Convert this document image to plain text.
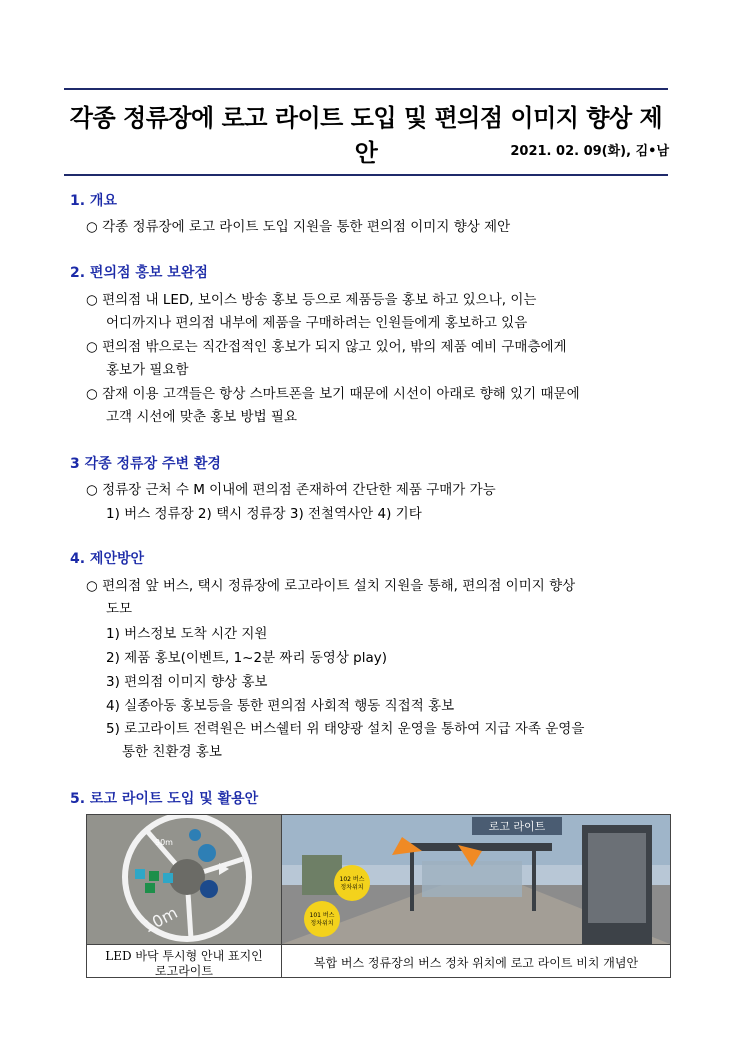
각종 정류장에 로고 라이트 도입 및 편의점 이미지 향상 제안	2021. 02. 09(화), 김•남
1. 개요
○ 각종 정류장에 로고 라이트 도입 지원을 통한 편의점 이미지 향상 제안
2. 편의점 홍보 보완점
○ 편의점 내 LED, 보이스 방송 홍보 등으로 제품등을 홍보 하고 있으나, 이는
어디까지나 편의점 내부에 제품을 구매하려는 인원들에게 홍보하고 있음
○ 편의점 밖으로는 직간접적인 홍보가 되지 않고 있어, 밖의 제품 예비 구매층에게
홍보가 필요함
○ 잠재 이용 고객들은 항상 스마트폰을 보기 때문에 시선이 아래로 향해 있기 때문에
고객 시선에 맞춘 홍보 방법 필요
3 각종 정류장 주변 환경
○ 정류장 근처 수 M 이내에 편의점 존재하여 간단한 제품 구매가 가능
1) 버스 정류장 2) 택시 정류장 3) 전철역사안 4) 기타
4. 제안방안
○ 편의점 앞 버스, 택시 정류장에 로고라이트 설치 지원을 통해, 편의점 이미지 향상
도모
1) 버스정보 도착 시간 지원
2) 제품 홍보(이벤트, 1~2분 짜리 동영상 play)
3) 편의점 이미지 향상 홍보
4) 실종아동 홍보등을 통한 편의점 사회적 행동 직접적 홍보
5) 로고라이트 전력원은 버스쉘터 위 태양광 설치 운영을 통하여 지급 자족 운영을
통한 친환경 홍보
5. 로고 라이트 도입 및 활용안
10m
90m
로고 라이트
102 버스
정차위치
101 버스
정차위치
LED 바닥 투시형 안내 표지인
로고라이트
복합 버스 정류장의 버스 정차 위치에 로고 라이트 비치 개념안
